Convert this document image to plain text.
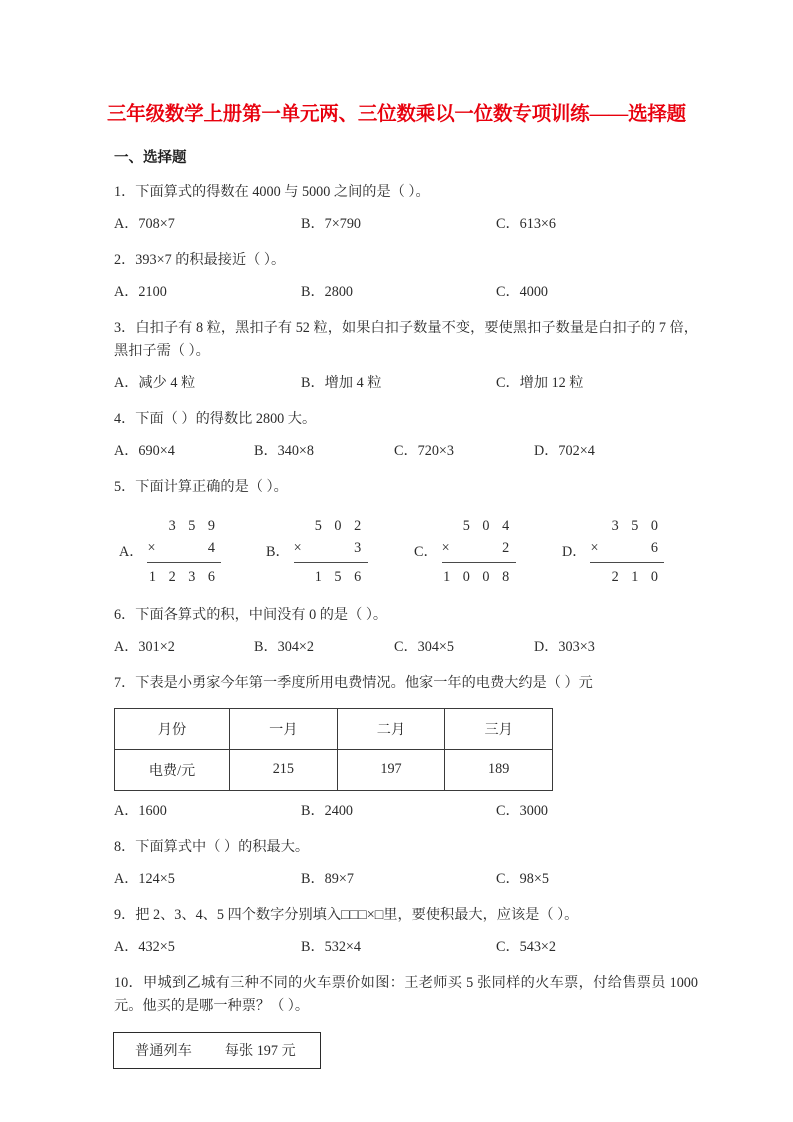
三年级数学上册第一单元两、三位数乘以一位数专项训练——选择题
一、选择题
1．下面算式的得数在 4000 与 5000 之间的是（ ）。
A．708×7	B．7×790	C．613×6
2．393×7 的积最接近（ ）。
A．2100	B．2800	C．4000
3．白扣子有 8 粒，黑扣子有 52 粒，如果白扣子数量不变，要使黑扣子数量是白扣子的 7 倍，黑扣子需（ ）。
A．减少 4 粒	B．增加 4 粒	C．增加 12 粒
4．下面（ ）的得数比 2800 大。
A．690×4	B．340×8	C．720×3	D．702×4
5．下面计算正确的是（ ）。
A．
3 5 9
×	4
1 2 3 6
B．
5 0 2
×	3
1 5 6
C．
5 0 4
×	2
1 0 0 8
D．
3 5 0
×	6
2 1 0
6．下面各算式的积，中间没有 0 的是（ ）。
A．301×2	B．304×2	C．304×5	D．303×3
7．下表是小勇家今年第一季度所用电费情况。他家一年的电费大约是（ ）元
月份	一月	二月	三月
电费/元	215	197	189
A．1600	B．2400	C．3000
8．下面算式中（ ）的积最大。
A．124×5	B．89×7	C．98×5
9．把 2、3、4、5 四个数字分别填入□□□×□里，要使积最大，应该是（ ）。
A．432×5	B．532×4	C．543×2
10．甲城到乙城有三种不同的火车票价如图：王老师买 5 张同样的火车票，付给售票员 1000 元。他买的是哪一种票？（ ）。
普通列车	每张 197 元
